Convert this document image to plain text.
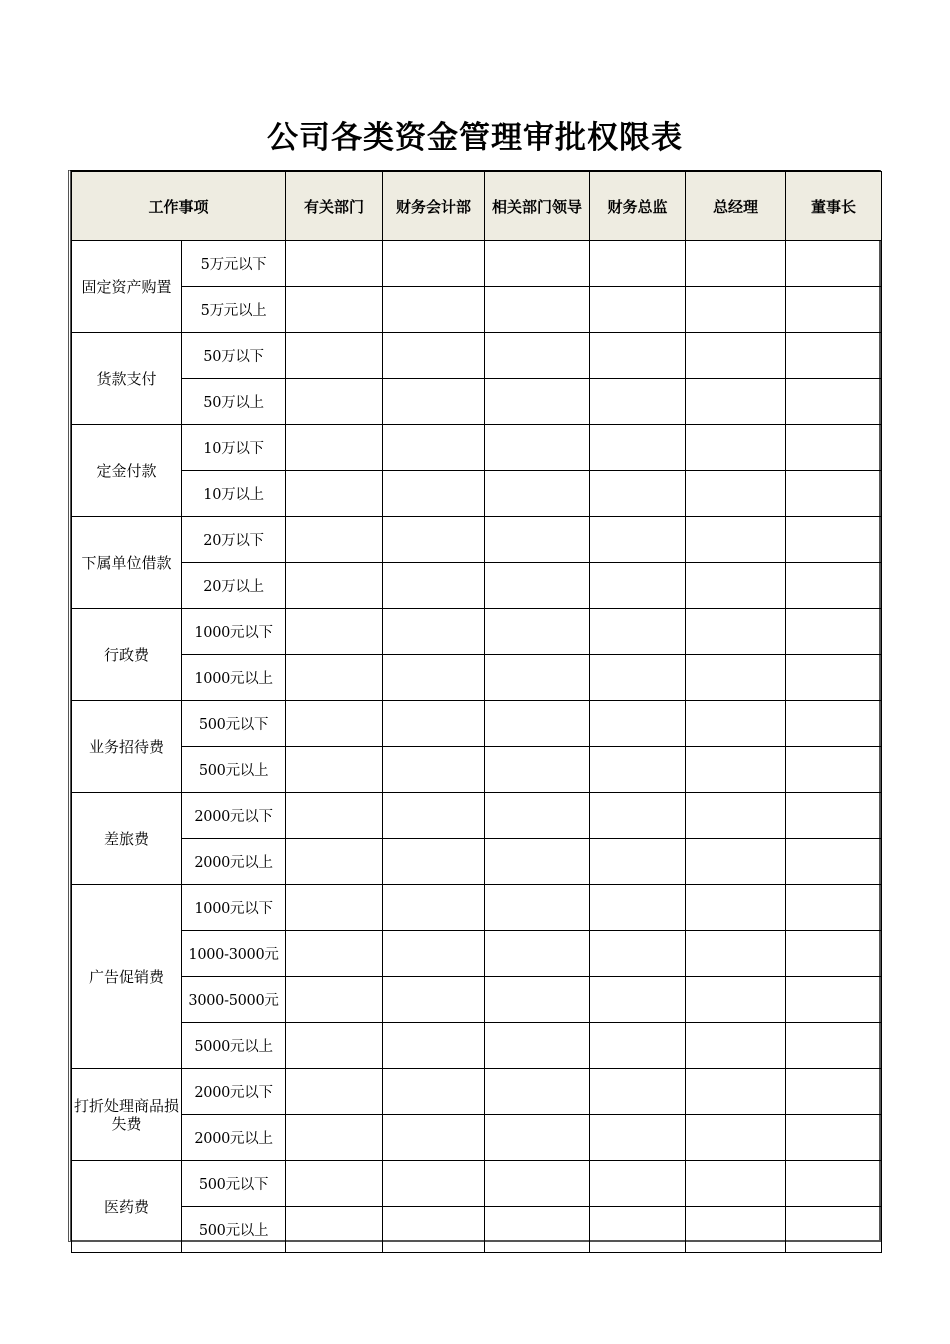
公司各类资金管理审批权限表
工作事项		有关部门	财务会计部	相关部门领导	财务总监	总经理	董事长
固定资产购置	5万元以下						
	5万元以上						
货款支付	50万以下						
	50万以上						
定金付款	10万以下						
	10万以上						
下属单位借款	20万以下						
	20万以上						
行政费	1000元以下						
	1000元以上						
业务招待费	500元以下						
	500元以上						
差旅费	2000元以下						
	2000元以上						
广告促销费	1000元以下						
	1000-3000元						
	3000-5000元						
	5000元以上						
打折处理商品损失费	2000元以下						
	2000元以上						
医药费	500元以下						
	500元以上						
